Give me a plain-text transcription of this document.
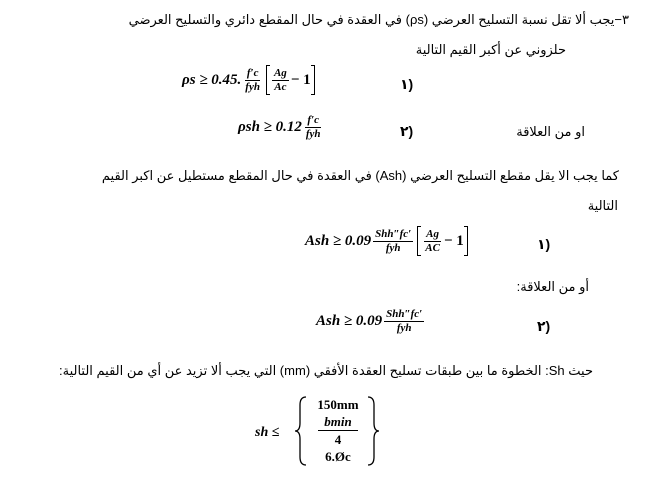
٣−يجب ألا تقل نسبة التسليح العرضي (ρs) في العقدة في حال المقطع دائري والتسليح العرضي
حلزوني عن أكبر القيم التالية
ρs ≥ 0.45. $\frac{f'c}{\text{fyh}} \frac{Ag}{Ac} - 1$	١)
$\rho sh \ge 0.12 \frac{f'c}{\text{fyh}}$	٢)	او من العلاقة
كما يجب الا يقل مقطع التسليح العرضي (Ash) في العقدة في حال المقطع مستطيل عن اكبر القيم
التالية
Ash ≥ $0.09 \frac{\text{Shh″fc′}}{\text{fyh}} \frac{Ag}{AC} - 1$	١)
أو من العلاقة:
Ash ≥ $0.09 \frac{\text{Shh″fc′}}{\text{fyh}}$	٢)
حيث Sh: الخطوة ما بين طبقات تسليح العقدة الأفقي (mm) التي يجب ألا تزيد عن أي من القيم التالية:
sh ≤
150mm
bmin
4
6.Øc
